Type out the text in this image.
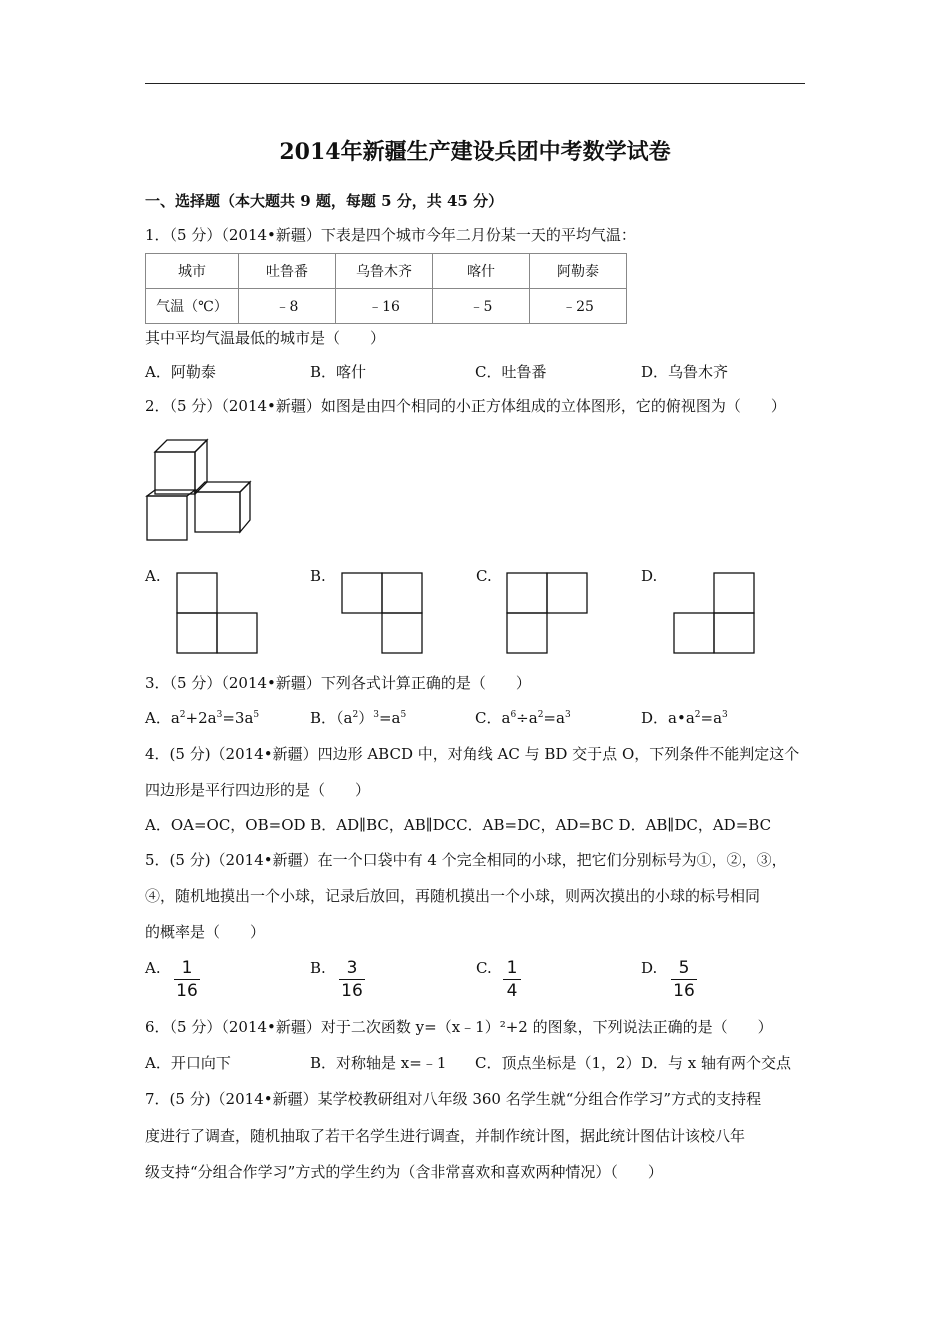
2014年新疆生产建设兵团中考数学试卷
一、选择题（本大题共 9 题，每题 5 分，共 45 分）
1．（5 分）（2014•新疆）下表是四个城市今年二月份某一天的平均气温：
城市	吐鲁番	乌鲁木齐	喀什	阿勒泰
气温（℃）	﹣8	﹣16	﹣5	﹣25
其中平均气温最低的城市是（　　）
A．阿勒泰	B．喀什	C．吐鲁番	D．乌鲁木齐
2．（5 分）（2014•新疆）如图是由四个相同的小正方体组成的立体图形，它的俯视图为（　　）
A.	B.	C.	D.
3．（5 分）（2014•新疆）下列各式计算正确的是（　　）
A．$a^2+2a^3=3a^5$	B．$(a^2)^3=a^5$	C．$a^6\div a^2=a^3$	D．$a•a^2=a^3$
4．(5 分)（2014•新疆）四边形 ABCD 中，对角线 AC 与 BD 交于点 O，下列条件不能判定这个
四边形是平行四边形的是（　　）
A．OA=OC，OB=OD B．AD∥BC，AB∥DCC．AB=DC，AD=BC D．AB∥DC，AD=BC
5．(5 分)（2014•新疆）在一个口袋中有 4 个完全相同的小球，把它们分别标号为①，②，③，
④，随机地摸出一个小球，记录后放回，再随机摸出一个小球，则两次摸出的小球的标号相同
的概率是（　　）
A.	1
16
B.	3
16
C. 1
4
D.	5
16
6．（5 分）（2014•新疆）对于二次函数 y=（x﹣1）²+2 的图象，下列说法正确的是（　　）
A．开口向下	B．对称轴是 x=﹣1 C．顶点坐标是（1，2） D．与 x 轴有两个交点
7．(5 分)（2014•新疆）某学校教研组对八年级 360 名学生就“分组合作学习”方式的支持程
度进行了调查，随机抽取了若干名学生进行调查，并制作统计图，据此统计图估计该校八年
级支持“分组合作学习”方式的学生约为（含非常喜欢和喜欢两种情况）（　　）
